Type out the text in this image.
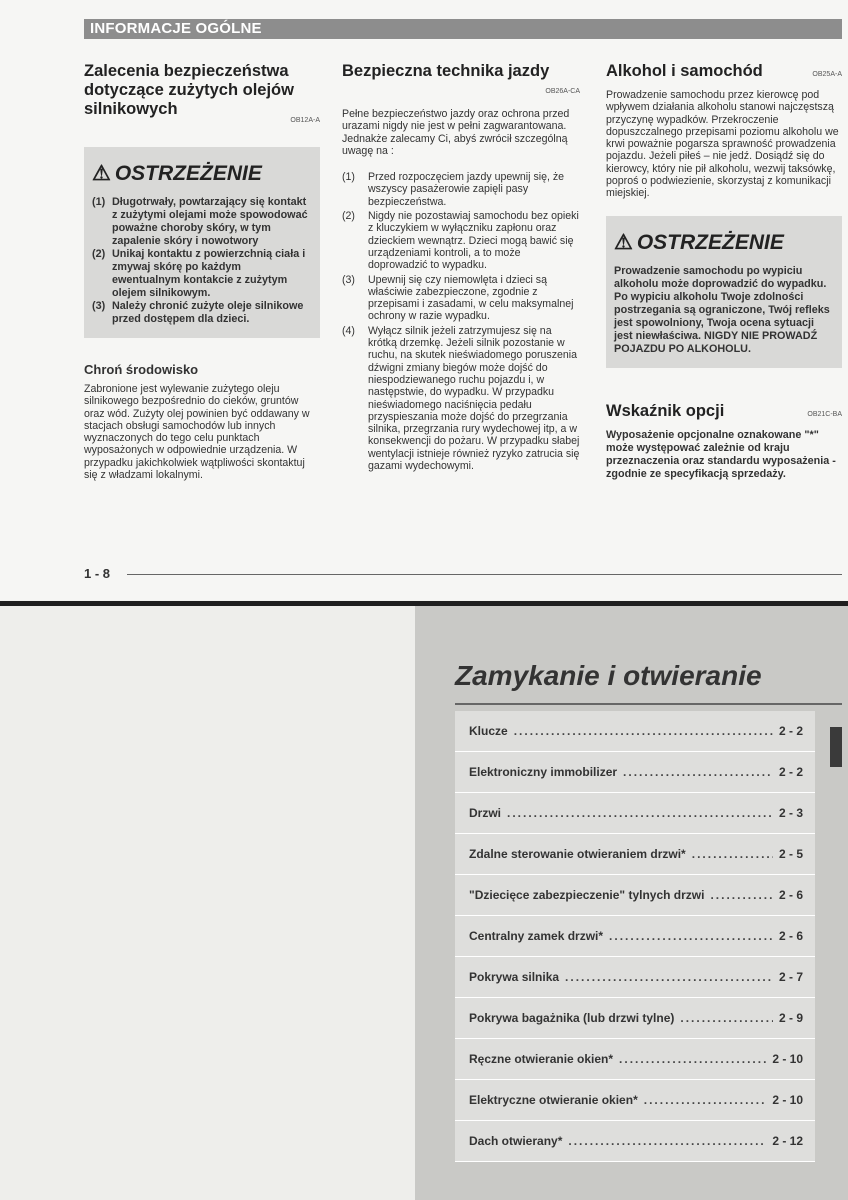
INFORMACJE OGÓLNE
Zalecenia bezpieczeństwa dotyczące zużytych olejów silnikowych
OB12A-A
⚠ OSTRZEŻENIE
(1) Długotrwały, powtarzający się kontakt z zużytymi olejami może spowodować poważne choroby skóry, w tym zapalenie skóry i nowotwory
(2) Unikaj kontaktu z powierzchnią ciała i zmywaj skórę po każdym ewentualnym kontakcie z zużytym olejem silnikowym.
(3) Należy chronić zużyte oleje silnikowe przed dostępem dla dzieci.
Chroń środowisko
Zabronione jest wylewanie zużytego oleju silnikowego bezpośrednio do cieków, gruntów oraz wód. Zużyty olej powinien być oddawany w stacjach obsługi samochodów lub innych wyznaczonych do tego celu punktach wyposażonych w odpowiednie urządzenia. W przypadku jakichkolwiek wątpliwości skontaktuj się z władzami lokalnymi.
Bezpieczna technika jazdy
OB26A-CA
Pełne bezpieczeństwo jazdy oraz ochrona przed urazami nigdy nie jest w pełni zagwarantowana. Jednakże zalecamy Ci, abyś zwrócił szczególną uwagę na :
(1) Przed rozpoczęciem jazdy upewnij się, że wszyscy pasażerowie zapięli pasy bezpieczeństwa.
(2) Nigdy nie pozostawiaj samochodu bez opieki z kluczykiem w wyłączniku zapłonu oraz dzieckiem wewnątrz. Dzieci mogą bawić się urządzeniami kontroli, a to może doprowadzić to wypadku.
(3) Upewnij się czy niemowlęta i dzieci są właściwie zabezpieczone, zgodnie z przepisami i zasadami, w celu maksymalnej ochrony w razie wypadku.
(4) Wyłącz silnik jeżeli zatrzymujesz się na krótką drzemkę. Jeżeli silnik pozostanie w ruchu, na skutek nieświadomego poruszenia dźwigni zmiany biegów może dojść do niespodziewanego ruchu pojazdu i, w następstwie, do wypadku. W przypadku nieświadomego naciśnięcia pedału przyspieszania może dojść do przegrzania silnika, przegrzania rury wydechowej itp, a w konsekwencji do pożaru. W przypadku słabej wentylacji istnieje również ryzyko zatrucia się gazami wydechowymi.
Alkohol i samochód	OB25A-A
Prowadzenie samochodu przez kierowcę pod wpływem działania alkoholu stanowi najczęstszą przyczynę wypadków. Przekroczenie dopuszczalnego przepisami poziomu alkoholu we krwi poważnie pogarsza sprawność prowadzenia pojazdu. Jeżeli piłeś – nie jedź. Dosiądź się do kierowcy, który nie pił alkoholu, wezwij taksówkę, poproś o podwiezienie, skorzystaj z komunikacji miejskiej.
⚠ OSTRZEŻENIE
Prowadzenie samochodu po wypiciu alkoholu może doprowadzić do wypadku. Po wypiciu alkoholu Twoje zdolności postrzegania są ograniczone, Twój refleks jest spowolniony, Twoja ocena sytuacji jest niewłaściwa. NIGDY NIE PROWADŹ POJAZDU PO ALKOHOLU.
Wskaźnik opcji	OB21C-BA
Wyposażenie opcjonalne oznakowane "*" może występować zależnie od kraju przeznaczenia oraz standardu wyposażenia - zgodnie ze specyfikacją sprzedaży.
1 - 8
Zamykanie i otwieranie
Klucze .....	2 - 2
Elektroniczny immobilizer .....	2 - 2
Drzwi .....	2 - 3
Zdalne sterowanie otwieraniem drzwi* .....	2 - 5
"Dziecięce zabezpieczenie" tylnych drzwi .....	2 - 6
Centralny zamek drzwi* .....	2 - 6
Pokrywa silnika .....	2 - 7
Pokrywa bagażnika (lub drzwi tylne) .....	2 - 9
Ręczne otwieranie okien* .....	2 - 10
Elektryczne otwieranie okien* .....	2 - 10
Dach otwierany* .....	2 - 12
